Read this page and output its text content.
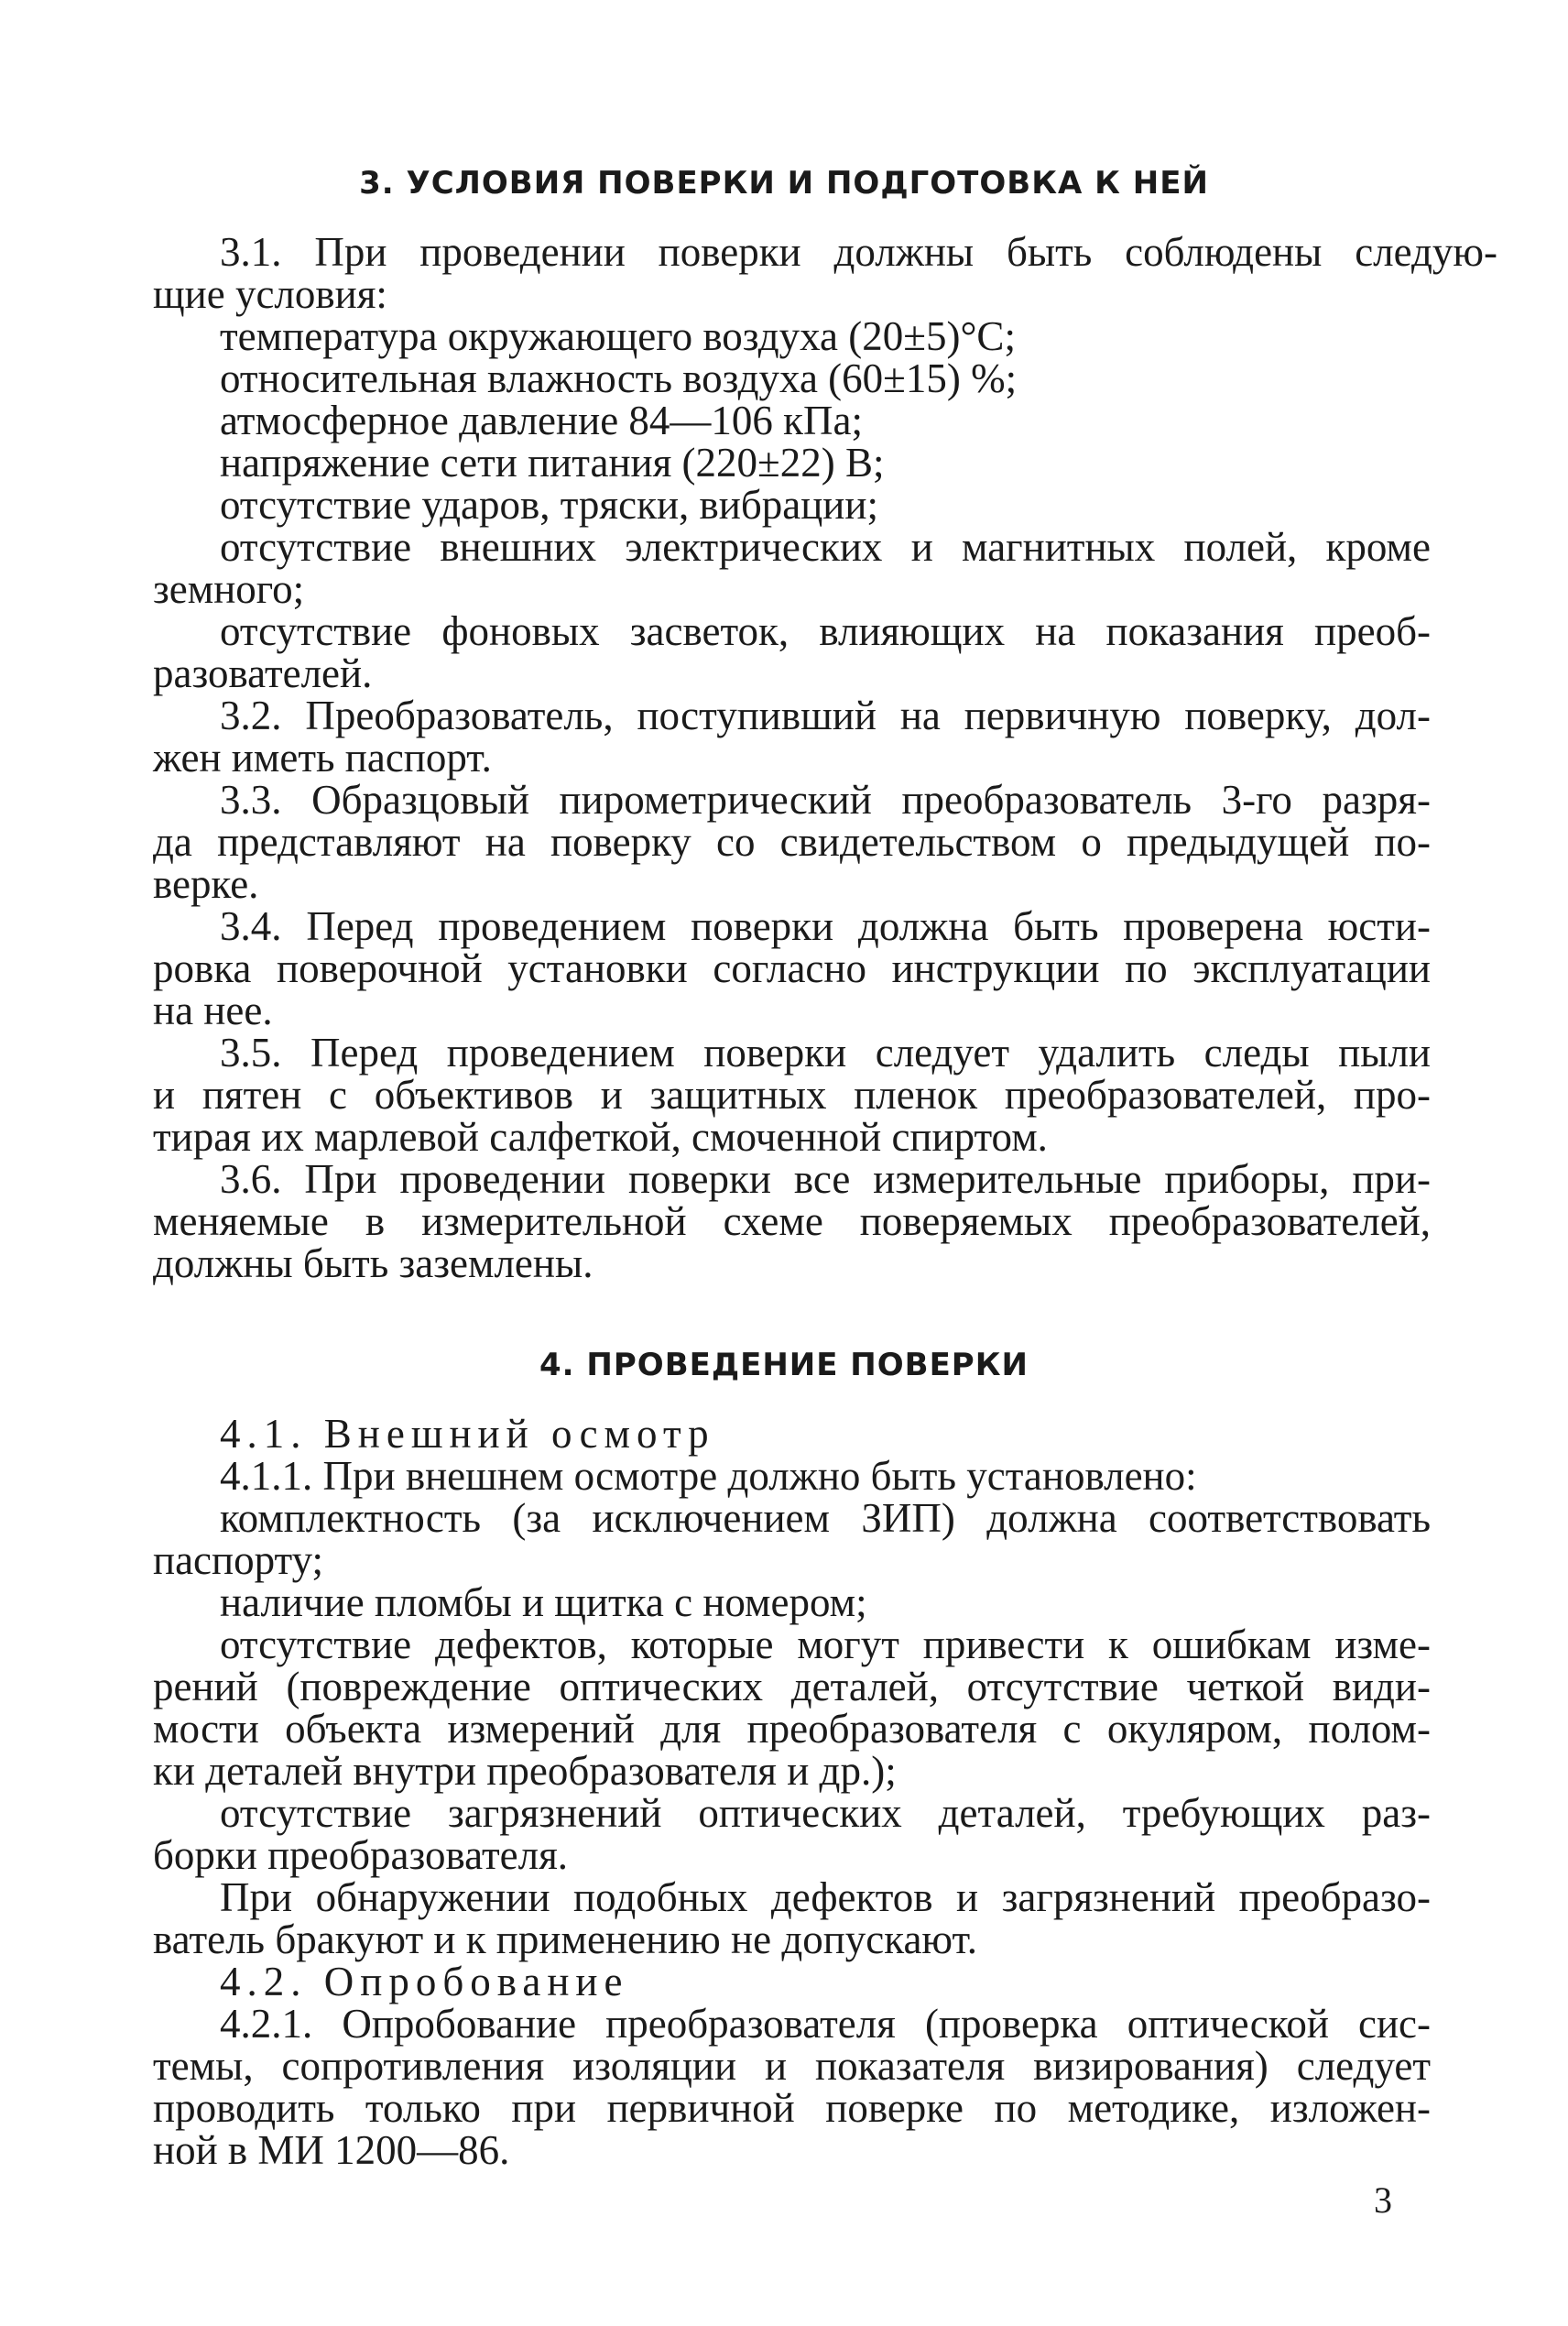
3. УСЛОВИЯ ПОВЕРКИ И ПОДГОТОВКА К НЕЙ
3.1. При проведении поверки должны быть соблюдены следую-
щие условия:
температура окружающего воздуха (20±5)°C;
относительная влажность воздуха (60±15) %;
атмосферное давление 84—106 кПа;
напряжение сети питания (220±22) В;
отсутствие ударов, тряски, вибрации;
отсутствие внешних электрических и магнитных полей, кроме
земного;
отсутствие фоновых засветок, влияющих на показания преоб-
разователей.
3.2. Преобразователь, поступивший на первичную поверку, дол-
жен иметь паспорт.
3.3. Образцовый пирометрический преобразователь 3-го разря-
да представляют на поверку со свидетельством о предыдущей по-
верке.
3.4. Перед проведением поверки должна быть проверена юсти-
ровка поверочной установки согласно инструкции по эксплуатации
на нее.
3.5. Перед проведением поверки следует удалить следы пыли
и пятен с объективов и защитных пленок преобразователей, про-
тирая их марлевой салфеткой, смоченной спиртом.
3.6. При проведении поверки все измерительные приборы, при-
меняемые в измерительной схеме поверяемых преобразователей,
должны быть заземлены.
4. ПРОВЕДЕНИЕ ПОВЕРКИ
4.1. Внешний осмотр
4.1.1. При внешнем осмотре должно быть установлено:
комплектность (за исключением ЗИП) должна соответствовать
паспорту;
наличие пломбы и щитка с номером;
отсутствие дефектов, которые могут привести к ошибкам изме-
рений (повреждение оптических деталей, отсутствие четкой види-
мости объекта измерений для преобразователя с окуляром, полом-
ки деталей внутри преобразователя и др.);
отсутствие загрязнений оптических деталей, требующих раз-
борки преобразователя.
При обнаружении подобных дефектов и загрязнений преобразо-
ватель бракуют и к применению не допускают.
4.2. Опробование
4.2.1. Опробование преобразователя (проверка оптической сис-
темы, сопротивления изоляции и показателя визирования) следует
проводить только при первичной поверке по методике, изложен-
ной в МИ 1200—86.
3
